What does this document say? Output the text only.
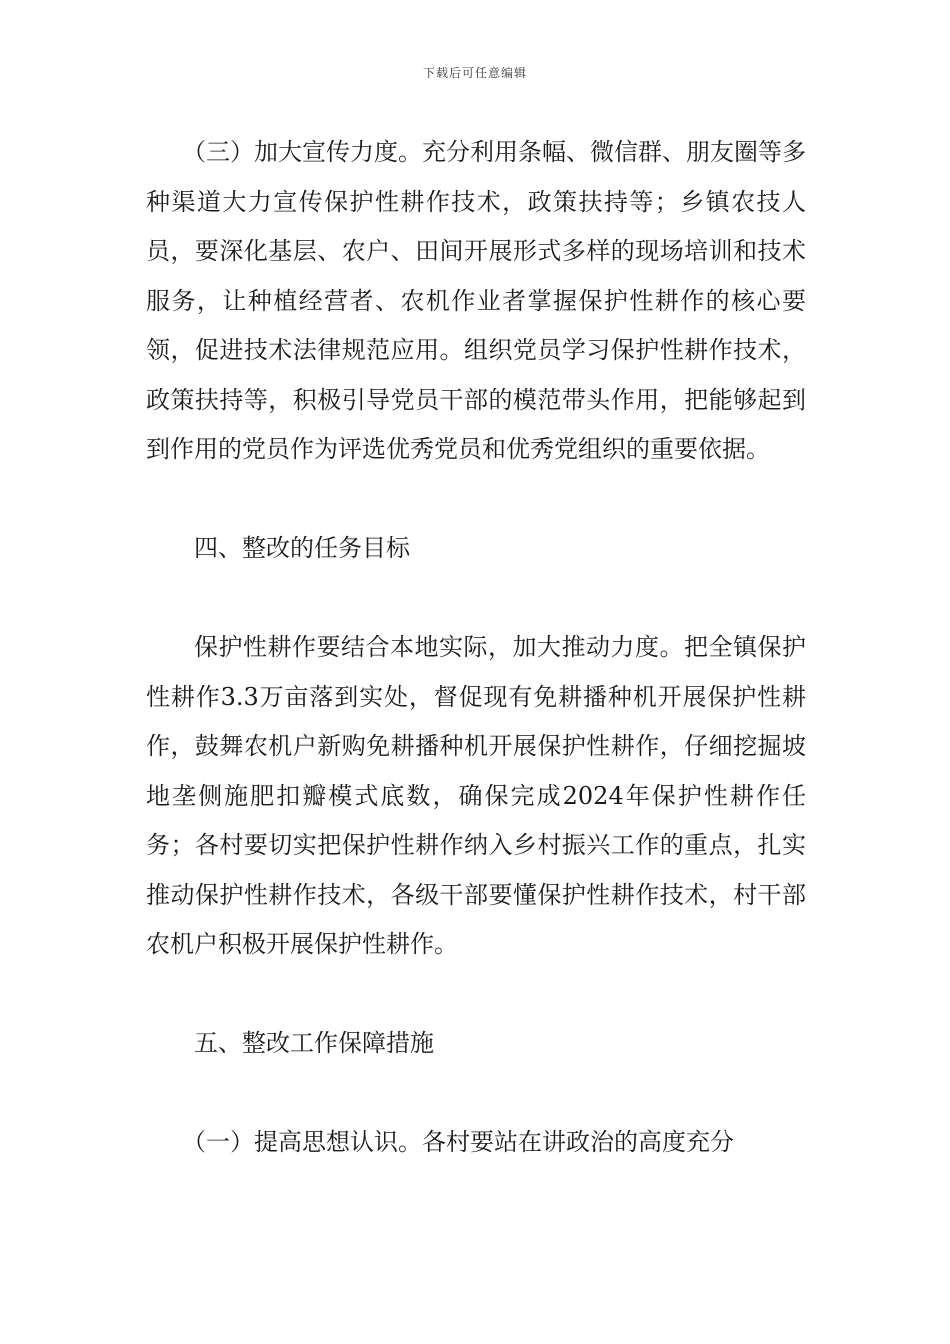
下载后可任意编辑

（三）加大宣传力度。充分利用条幅、微信群、朋友圈等多种渠道大力宣传保护性耕作技术，政策扶持等；乡镇农技人员，要深化基层、农户、田间开展形式多样的现场培训和技术服务，让种植经营者、农机作业者掌握保护性耕作的核心要领，促进技术法律规范应用。组织党员学习保护性耕作技术，政策扶持等，积极引导党员干部的模范带头作用，把能够起到到作用的党员作为评选优秀党员和优秀党组织的重要依据。

四、整改的任务目标

保护性耕作要结合本地实际，加大推动力度。把全镇保护性耕作3.3万亩落到实处，督促现有免耕播种机开展保护性耕作，鼓舞农机户新购免耕播种机开展保护性耕作，仔细挖掘坡地垄侧施肥扣瓣模式底数，确保完成2024年保护性耕作任务；各村要切实把保护性耕作纳入乡村振兴工作的重点，扎实推动保护性耕作技术，各级干部要懂保护性耕作技术，村干部农机户积极开展保护性耕作。

五、整改工作保障措施

（一）提高思想认识。各村要站在讲政治的高度充分
